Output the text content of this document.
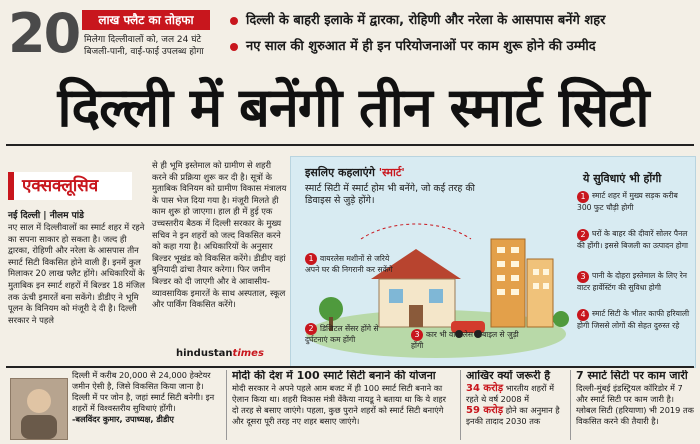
20	लाख फ्लैट का तोहफा
मिलेगा दिल्लीवालों को, जल 24 घंटे बिजली-पानी, वाई-फाई उपलब्ध होगा
दिल्ली के बाहरी इलाके में द्वारका, रोहिणी और नरेला के आसपास बनेंगे शहर
नए साल की शुरुआत में ही इन परियोजनाओं पर काम शुरू होने की उम्मीद
दिल्ली में बनेंगी तीन स्मार्ट सिटी
एक्सक्लूसिव
नई दिल्ली | नीलम पांडे
नए साल में दिल्लीवालों का स्मार्ट शहर में रहने का सपना साकार हो सकता है। जल्द ही द्वारका, रोहिणी और नरेला के आसपास तीन स्मार्ट सिटी विकसित होने वाली हैं। इनमें कुल मिलाकर 20 लाख फ्लैट होंगे। अधिकारियों के मुताबिक इन स्मार्ट शहरों में बिल्डर 18 मंजिल तक ऊंची इमारतें बना सकेंगे। डीडीए ने भूमि पूलन के विनियम को मंजूरी दे दी है। दिल्ली सरकार ने पहले
से ही भूमि इस्तेमाल को ग्रामीण से शहरी करने की प्रक्रिया शुरू कर दी है। सूत्रों के मुताबिक विनियम को ग्रामीण विकास मंत्रालय के पास भेज दिया गया है। मंजूरी मिलते ही काम शुरू हो जाएगा। हाल ही में हुई एक उच्चस्तरीय बैठक में दिल्ली सरकार के मुख्य सचिव ने इन शहरों को जल्द विकसित करने को कहा गया है। अधिकारियों के अनुसार बिल्डर भूखंड को विकसित करेंगे। डीडीए वहां बुनियादी ढांचा तैयार करेगा। फिर जमीन बिल्डर को दी जाएगी और वे आवासीय-व्यावसायिक इमारतें के साथ अस्पताल, स्कूल और पार्किंग विकसित करेंगे।
hindustantimes
इसलिए कहलाएंगे 'स्मार्ट'
स्मार्ट सिटी में स्मार्ट होम भी बनेंगे, जो कई तरह की डिवाइस से जुड़े होंगे।
1 वायरलेस मशीनों से जरिये अपने घर की निगरानी कर सकेंगे
2 डिजिटल सेंसर होंगे से दुर्घटनाएं कम होंगी
3 कार भी वायरलेस मोबाइल से जुड़ी होंगी
ये सुविधाएं भी होंगी
1 स्मार्ट शहर में मुख्य सड़क करीब 300 फुट चौड़ी होगी
2 घरों के बाहर की दीवारें सोलर पैनल की होंगी। इससे बिजली का उत्पादन होगा
3 पानी के दोहरा इस्तेमाल के लिए रेन वाटर हार्वेस्टिंग की सुविधा होगी
4 स्मार्ट सिटी के भीतर काफी हरियाली होगी जिससे लोगों की सेहत दुरुस्त रहे
दिल्ली में करीब 20,000 से 24,000 हेक्टेयर जमीन ऐसी है, जिसे विकसित किया जाना है। दिल्ली में पर जोन है, जहां स्मार्ट सिटी बनेगी। इन शहरों में विश्वस्तरीय सुविधाएं होंगी।
-बलविंदर कुमार, उपाध्यक्ष, डीडीए
मोदी की देश में 100 स्मार्ट सिटी बनाने की योजना
मोदी सरकार ने अपने पहले आम बजट में ही 100 स्मार्ट सिटी बनाने का ऐलान किया था। शहरी विकास मंत्री वेंकैया नायडू ने बताया था कि ये शहर दो तरह से बसाए जाएंगे। पहला, कुछ पुराने शहरों को स्मार्ट सिटी बनाएंगे और दूसरा पूरी तरह नए शहर बसाए जाएंगे।
आखिर क्यों जरूरी है
34 करोड़ भारतीय शहरों में रहते थे वर्ष 2008 में
59 करोड़ होने का अनुमान है इनकी तादाद 2030 तक
7 स्मार्ट सिटी पर काम जारी
दिल्ली-मुंबई इंडस्ट्रियल कॉरिडोर में 7 और स्मार्ट सिटी पर काम जारी है। ग्लोबल सिटी (हरियाणा) भी 2019 तक विकसित करने की तैयारी है।
